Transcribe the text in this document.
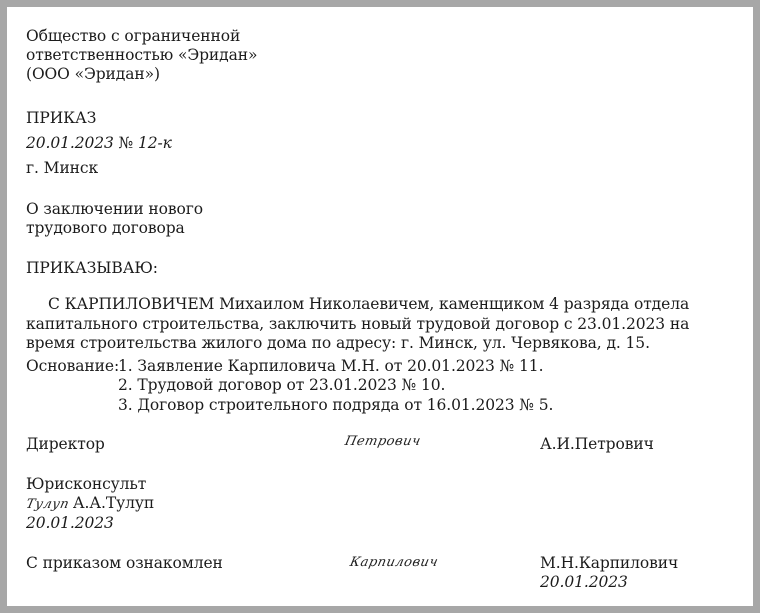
Общество с ограниченной
ответственностью «Эридан»
(ООО «Эридан»)
ПРИКАЗ
20.01.2023 № 12-к
г. Минск
О заключении нового
трудового договора
ПРИКАЗЫВАЮ:
С КАРПИЛОВИЧЕМ Михаилом Николаевичем, каменщиком 4 разряда отдела капитального строительства, заключить новый трудовой договор с 23.01.2023 на время строительства жилого дома по адресу: г. Минск, ул. Червякова, д. 15.
Основание:
1. Заявление Карпиловича М.Н. от 20.01.2023 № 11.
2. Трудовой договор от 23.01.2023 № 10.
3. Договор строительного подряда от 16.01.2023 № 5.
Директор	Петрович	А.И.Петрович
Юрисконсульт
Тулуп А.А.Тулуп
20.01.2023
С приказом ознакомлен	Карпилович	М.Н.Карпилович
20.01.2023
